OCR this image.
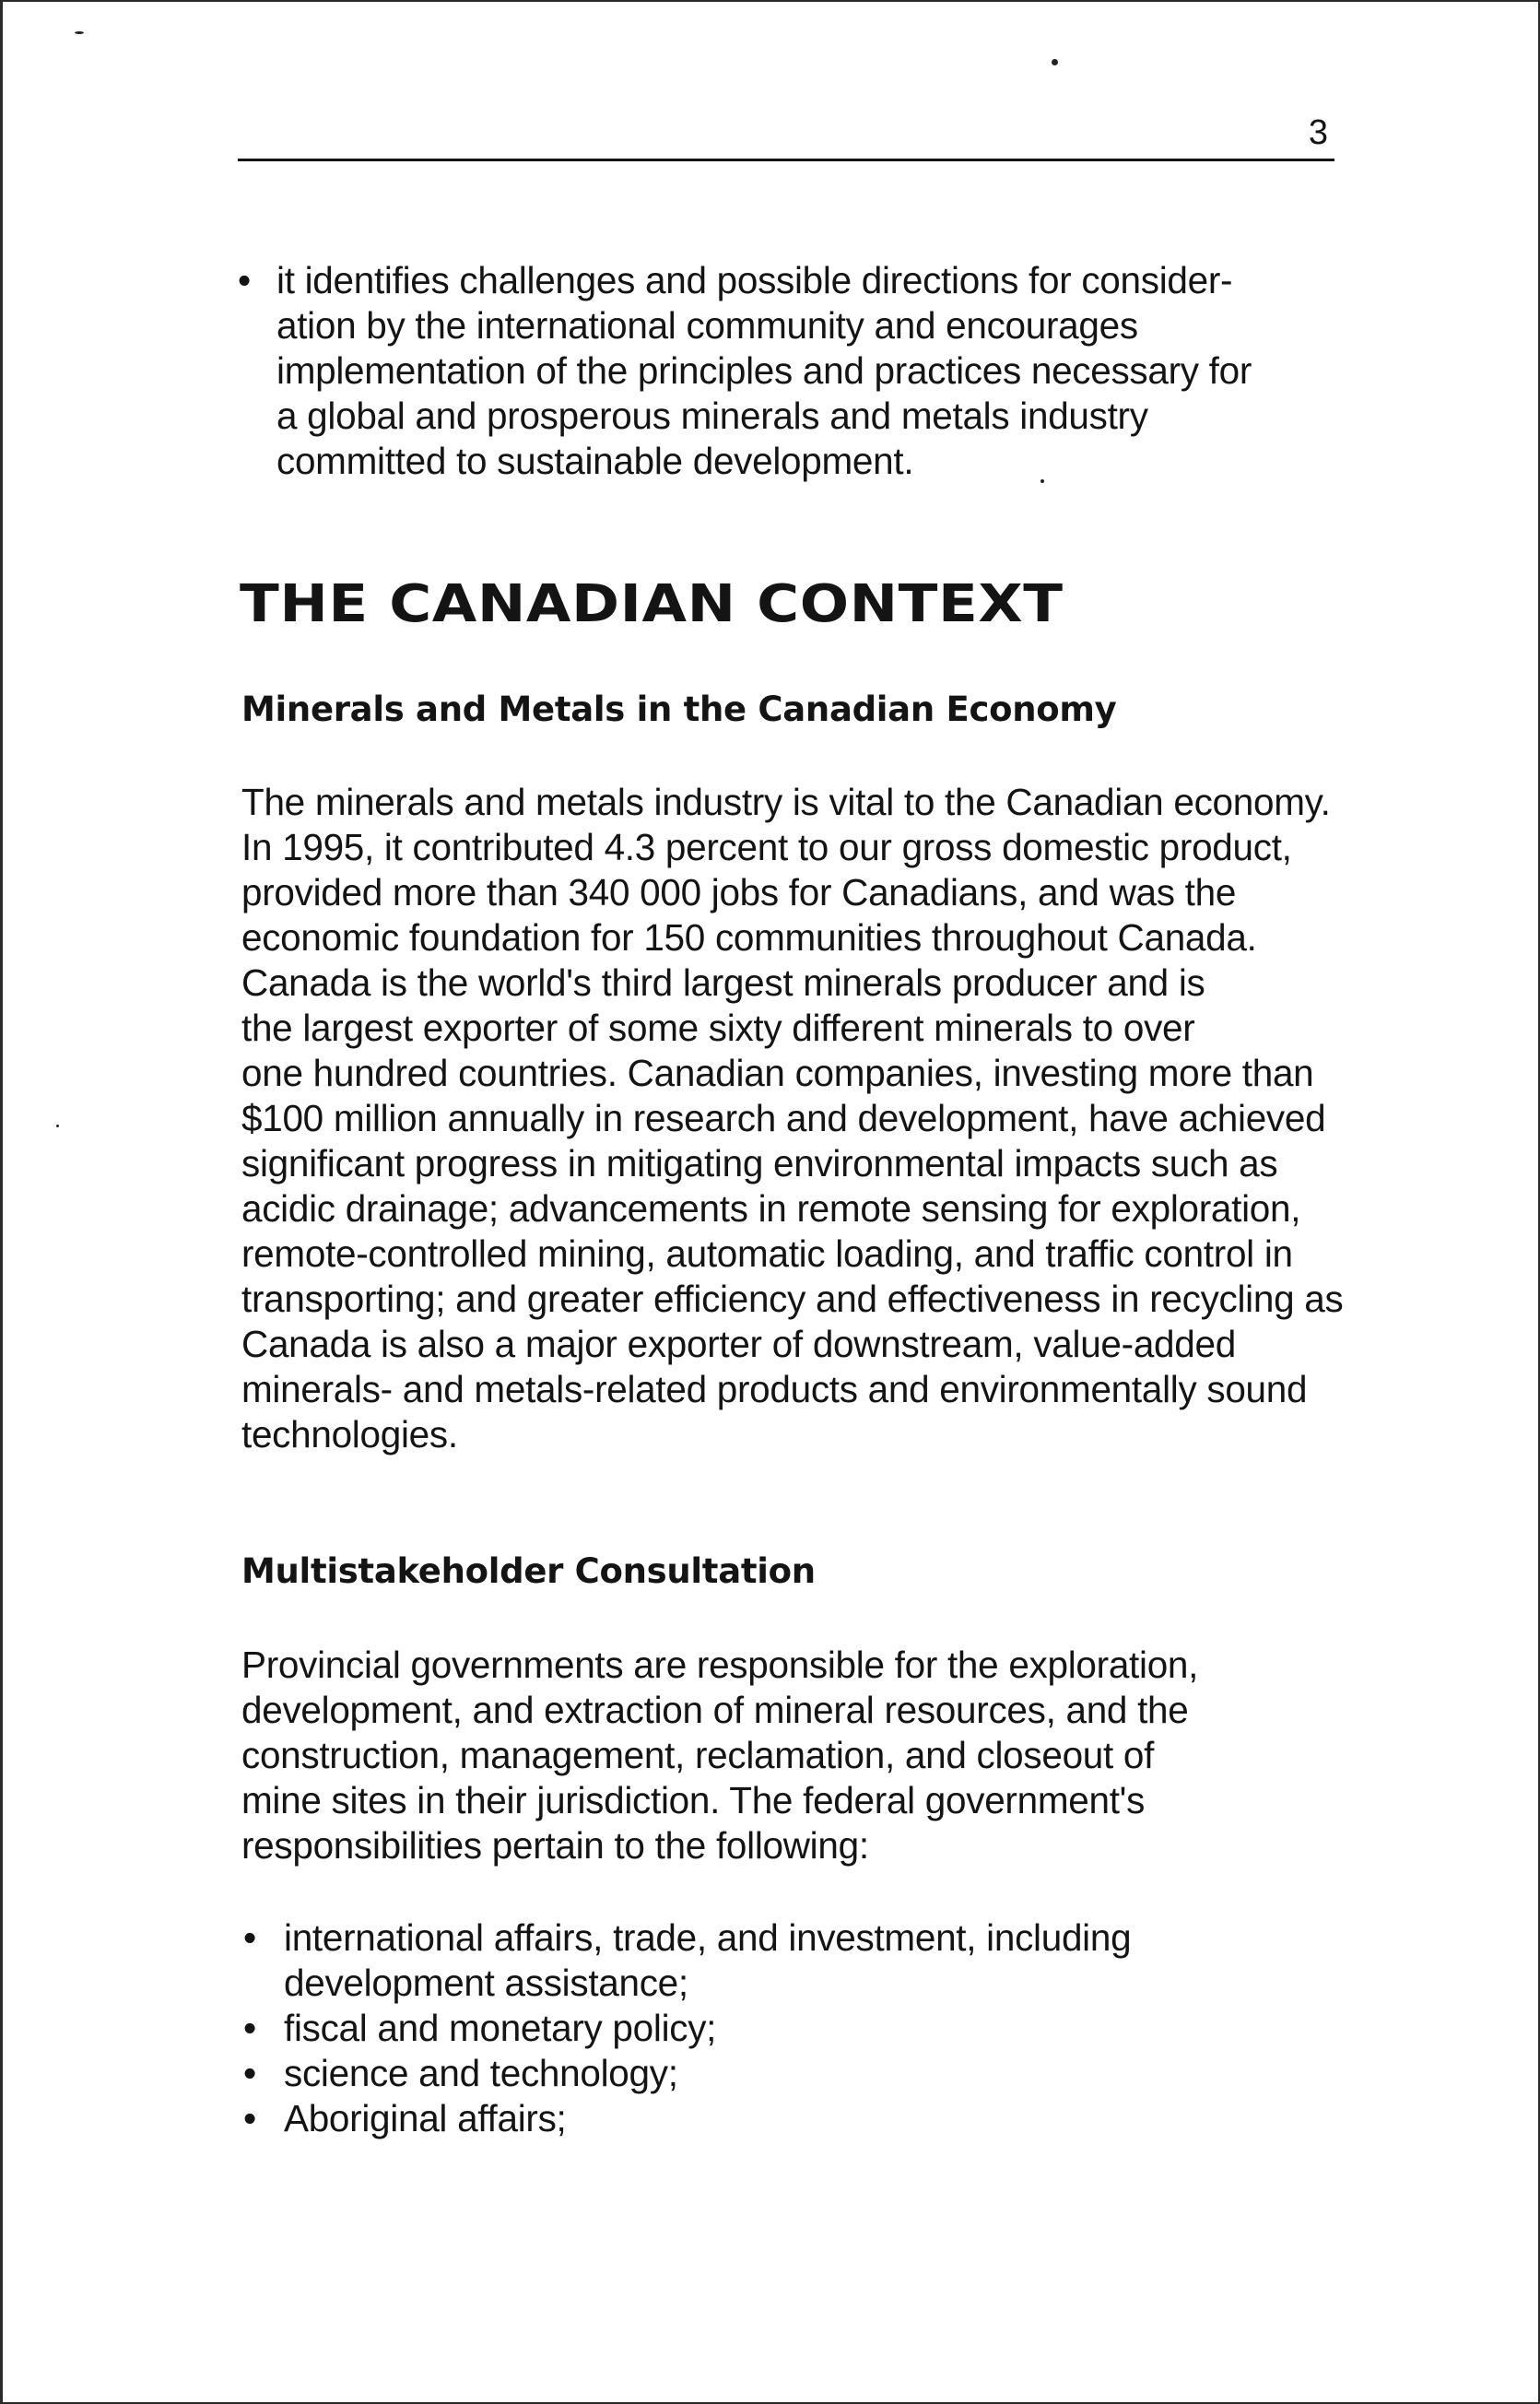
3
• it identifies challenges and possible directions for consider-
ation by the international community and encourages
implementation of the principles and practices necessary for
a global and prosperous minerals and metals industry
committed to sustainable development.
THE CANADIAN CONTEXT
Minerals and Metals in the Canadian Economy

The minerals and metals industry is vital to the Canadian economy.
In 1995, it contributed 4.3 percent to our gross domestic product,
provided more than 340 000 jobs for Canadians, and was the
economic foundation for 150 communities throughout Canada.
Canada is the world's third largest minerals producer and is
the largest exporter of some sixty different minerals to over
one hundred countries. Canadian companies, investing more than
$100 million annually in research and development, have achieved
significant progress in mitigating environmental impacts such as
acidic drainage; advancements in remote sensing for exploration,
remote-controlled mining, automatic loading, and traffic control in
transporting; and greater efficiency and effectiveness in recycling as
Canada is also a major exporter of downstream, value-added
minerals- and metals-related products and environmentally sound
technologies.

Multistakeholder Consultation

Provincial governments are responsible for the exploration,
development, and extraction of mineral resources, and the
construction, management, reclamation, and closeout of
mine sites in their jurisdiction. The federal government's
responsibilities pertain to the following:

• international affairs, trade, and investment, including
development assistance;
• fiscal and monetary policy;
• science and technology;
• Aboriginal affairs;
